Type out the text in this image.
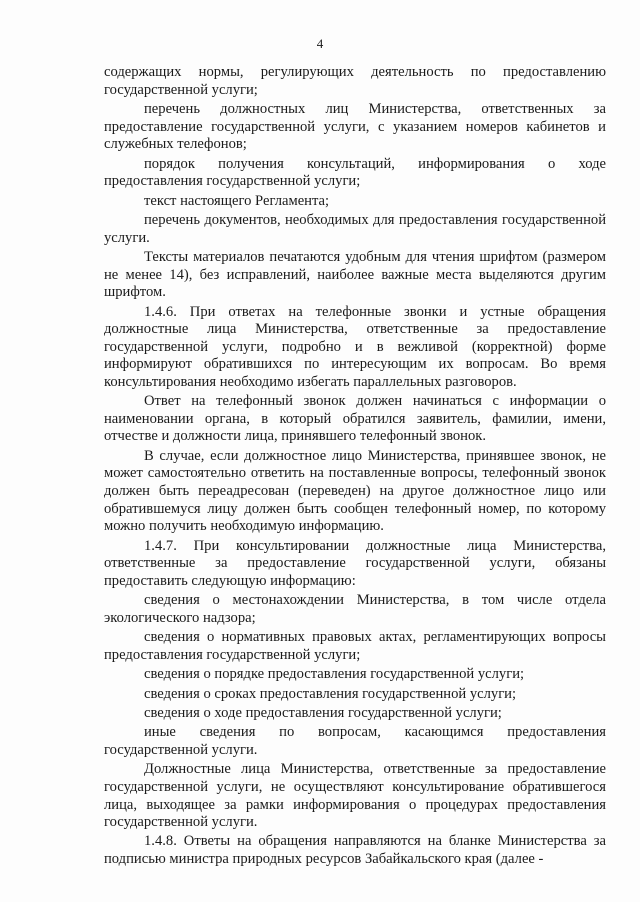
4

содержащих нормы, регулирующих деятельность по предоставлению государственной услуги;

перечень должностных лиц Министерства, ответственных за предоставление государственной услуги, с указанием номеров кабинетов и служебных телефонов;

порядок получения консультаций, информирования о ходе предоставления государственной услуги;

текст настоящего Регламента;

перечень документов, необходимых для предоставления государственной услуги.

Тексты материалов печатаются удобным для чтения шрифтом (размером не менее 14), без исправлений, наиболее важные места выделяются другим шрифтом.

1.4.6. При ответах на телефонные звонки и устные обращения должностные лица Министерства, ответственные за предоставление государственной услуги, подробно и в вежливой (корректной) форме информируют обратившихся по интересующим их вопросам. Во время консультирования необходимо избегать параллельных разговоров.

Ответ на телефонный звонок должен начинаться с информации о наименовании органа, в который обратился заявитель, фамилии, имени, отчестве и должности лица, принявшего телефонный звонок.

В случае, если должностное лицо Министерства, принявшее звонок, не может самостоятельно ответить на поставленные вопросы, телефонный звонок должен быть переадресован (переведен) на другое должностное лицо или обратившемуся лицу должен быть сообщен телефонный номер, по которому можно получить необходимую информацию.

1.4.7. При консультировании должностные лица Министерства, ответственные за предоставление государственной услуги, обязаны предоставить следующую информацию:

сведения о местонахождении Министерства, в том числе отдела экологического надзора;

сведения о нормативных правовых актах, регламентирующих вопросы предоставления государственной услуги;

сведения о порядке предоставления государственной услуги;

сведения о сроках предоставления государственной услуги;

сведения о ходе предоставления государственной услуги;

иные сведения по вопросам, касающимся предоставления государственной услуги.

Должностные лица Министерства, ответственные за предоставление государственной услуги, не осуществляют консультирование обратившегося лица, выходящее за рамки информирования о процедурах предоставления государственной услуги.

1.4.8. Ответы на обращения направляются на бланке Министерства за подписью министра природных ресурсов Забайкальского края (далее -
